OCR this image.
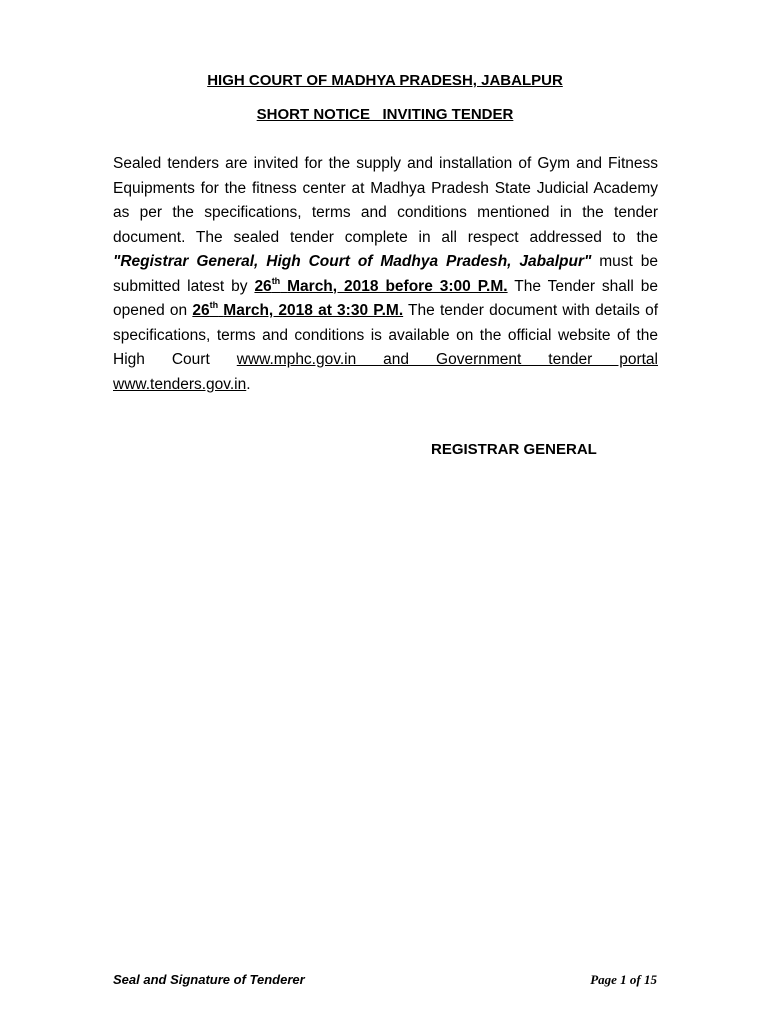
HIGH COURT OF MADHYA PRADESH, JABALPUR
SHORT NOTICE   INVITING TENDER

Sealed tenders are invited for the supply and installation of Gym and Fitness Equipments for the fitness center at Madhya Pradesh State Judicial Academy as per the specifications, terms and conditions mentioned in the tender document. The sealed tender complete in all respect addressed to the "Registrar General, High Court of Madhya Pradesh, Jabalpur" must be submitted latest by 26th March, 2018 before 3:00 P.M. The Tender shall be opened on 26th March, 2018 at 3:30 P.M. The tender document with details of specifications, terms and conditions is available on the official website of the High Court www.mphc.gov.in and Government tender portal www.tenders.gov.in.

REGISTRAR GENERAL
Seal and Signature of Tenderer	Page 1 of 15
